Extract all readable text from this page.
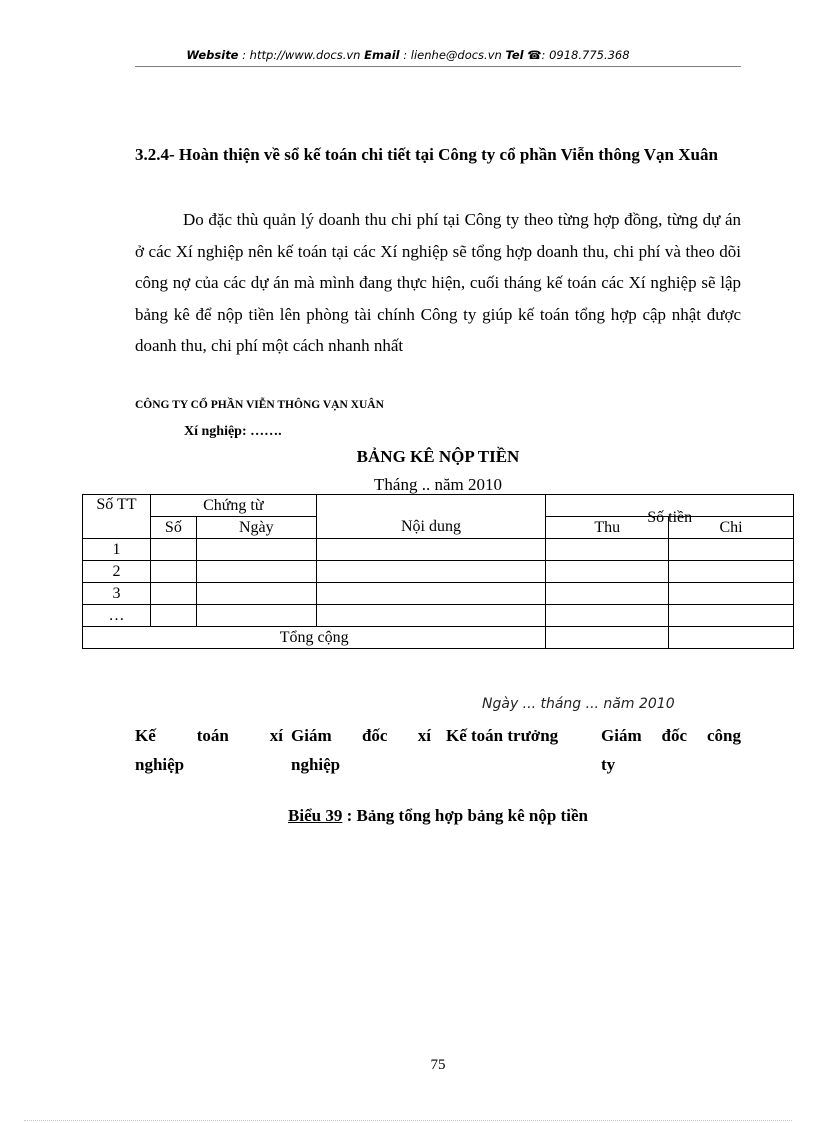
Website : http://www.docs.vn Email : lienhe@docs.vn Tel ☎: 0918.775.368
3.2.4- Hoàn thiện về sổ kế toán chi tiết tại Công ty cổ phần Viễn thông Vạn Xuân
Do đặc thù quản lý doanh thu chi phí tại Công ty theo từng hợp đồng, từng dự án ở các Xí nghiệp nên kế toán tại các Xí nghiệp sẽ tổng hợp doanh thu, chi phí và theo dõi công nợ của các dự án mà mình đang thực hiện, cuối tháng kế toán các Xí nghiệp sẽ lập bảng kê để nộp tiền lên phòng tài chính Công ty giúp kế toán tổng hợp cập nhật được doanh thu, chi phí một cách nhanh nhất
CÔNG TY CỔ PHẦN VIỄN THÔNG VẠN XUÂN
Xí nghiệp: …….
BẢNG KÊ NỘP TIỀN
Tháng .. năm 2010
Số TT	Chứng từ		Nội dung	Số tiền	
	Số	Ngày		Thu	Chi
1					
2					
3					
…					
Tổng cộng					
Ngày ... tháng ... năm 2010
Kế toán xí
nghiệp
Giám đốc xí
nghiệp
Kế toán trưởng	Giám đốc công
ty
Biểu 39 : Bảng tổng hợp bảng kê nộp tiền
75
